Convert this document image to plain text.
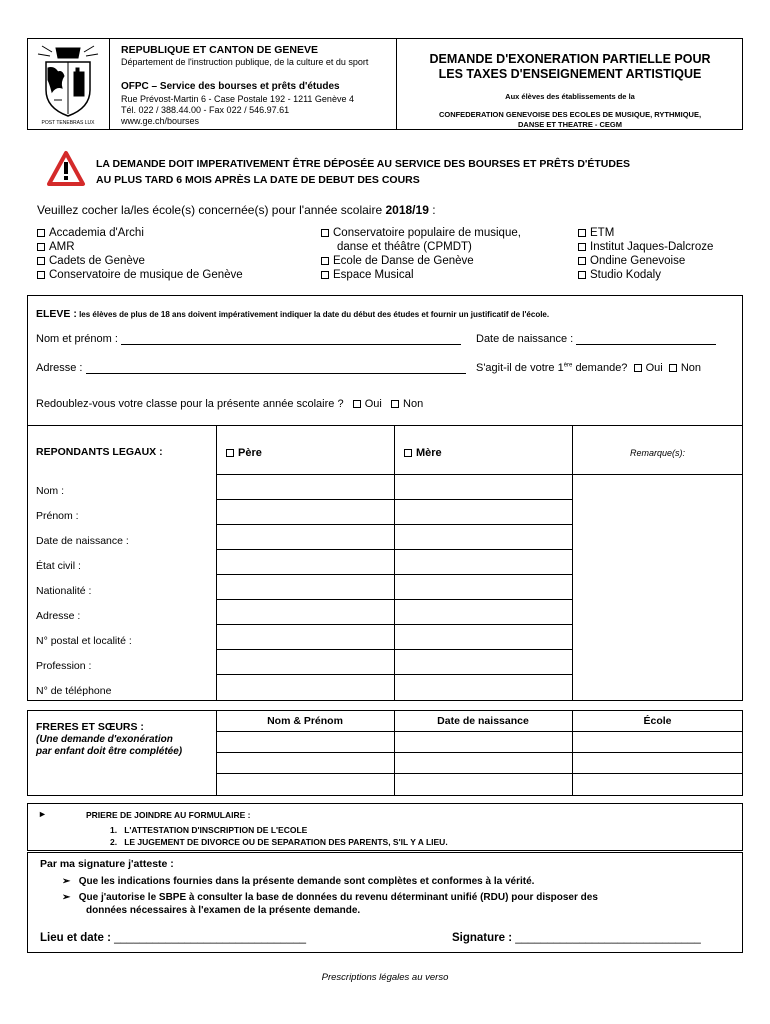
POST TENEBRAS LUX
REPUBLIQUE ET CANTON DE GENEVE
Département de l'instruction publique, de la culture et du sport
OFPC – Service des bourses et prêts d'études
Rue Prévost-Martin 6 - Case Postale 192 - 1211 Genève 4
Tél. 022 / 388.44.00 - Fax 022 / 546.97.61
www.ge.ch/bourses
DEMANDE D'EXONERATION PARTIELLE POUR
LES TAXES D'ENSEIGNEMENT ARTISTIQUE
Aux élèves des établissements de la
CONFEDERATION GENEVOISE DES ECOLES DE MUSIQUE, RYTHMIQUE,
DANSE ET THEATRE - CEGM
LA DEMANDE DOIT IMPERATIVEMENT ÊTRE DÉPOSÉE AU SERVICE DES BOURSES ET PRÊTS D'ÉTUDES
AU PLUS TARD 6 MOIS APRÈS LA DATE DE DEBUT DES COURS
Veuillez cocher la/les école(s) concernée(s) pour l'année scolaire 2018/19 :
Accademia d'Archi
AMR
Cadets de Genève
Conservatoire de musique de Genève
Conservatoire populaire de musique,
danse et théâtre (CPMDT)
Ecole de Danse de Genève
Espace Musical
ETM
Institut Jaques-Dalcroze
Ondine Genevoise
Studio Kodaly
ELEVE : les élèves de plus de 18 ans doivent impérativement indiquer la date du début des études et fournir un justificatif de l'école.
Nom et prénom :	Date de naissance :
Adresse :	S'agit-il de votre 1ère demande? Oui Non
Redoublez-vous votre classe pour la présente année scolaire ? Oui Non
REPONDANTS LEGAUX :	Père	Mère	Remarque(s):
Nom :
Prénom :
Date de naissance :
État civil :
Nationalité :
Adresse :
N° postal et localité :
Profession :
N° de téléphone
FRERES ET SŒURS :
(Une demande d'exonération
par enfant doit être complétée)
Nom & Prénom	Date de naissance	École
►	PRIERE DE JOINDRE AU FORMULAIRE :
1. L'ATTESTATION D'INSCRIPTION DE L'ECOLE
2. LE JUGEMENT DE DIVORCE OU DE SEPARATION DES PARENTS, S'IL Y A LIEU.
Par ma signature j'atteste :
➢ Que les indications fournies dans la présente demande sont complètes et conformes à la vérité.
➢ Que j'autorise le SBPE à consulter la base de données du revenu déterminant unifié (RDU) pour disposer des
données nécessaires à l'examen de la présente demande.
Lieu et date : ______________________________	Signature : _____________________________
Prescriptions légales au verso
